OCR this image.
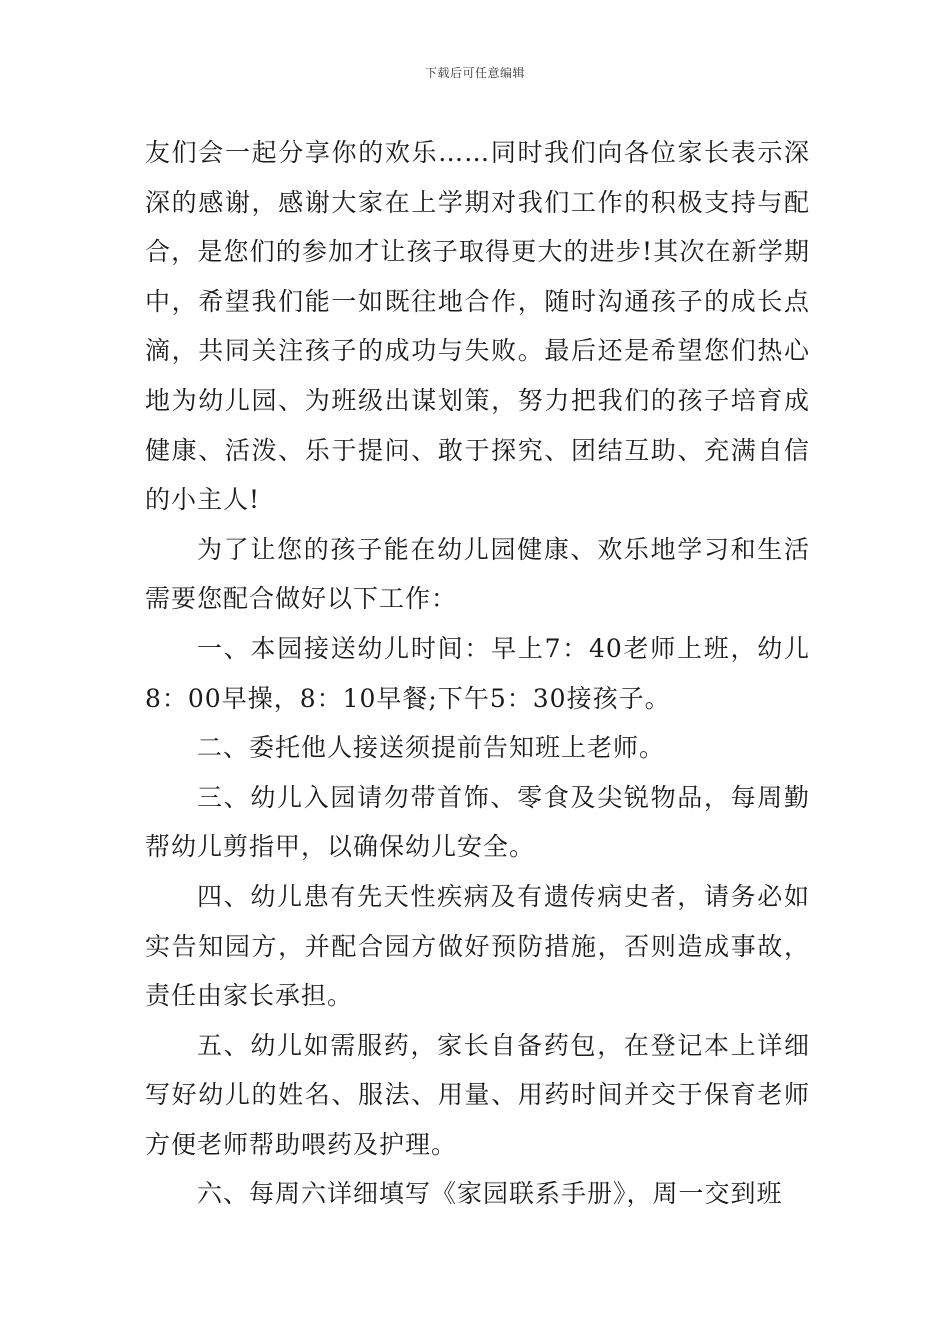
下载后可任意编辑

友们会一起分享你的欢乐……同时我们向各位家长表示深深的感谢，感谢大家在上学期对我们工作的积极支持与配合，是您们的参加才让孩子取得更大的进步!其次在新学期中，希望我们能一如既往地合作，随时沟通孩子的成长点滴，共同关注孩子的成功与失败。最后还是希望您们热心地为幼儿园、为班级出谋划策，努力把我们的孩子培育成健康、活泼、乐于提问、敢于探究、团结互助、充满自信的小主人!

为了让您的孩子能在幼儿园健康、欢乐地学习和生活需要您配合做好以下工作：

一、本园接送幼儿时间：早上7：40老师上班，幼儿8：00早操，8：10早餐;下午5：30接孩子。

二、委托他人接送须提前告知班上老师。

三、幼儿入园请勿带首饰、零食及尖锐物品，每周勤帮幼儿剪指甲，以确保幼儿安全。

四、幼儿患有先天性疾病及有遗传病史者，请务必如实告知园方，并配合园方做好预防措施，否则造成事故，责任由家长承担。

五、幼儿如需服药，家长自备药包，在登记本上详细写好幼儿的姓名、服法、用量、用药时间并交于保育老师方便老师帮助喂药及护理。

六、每周六详细填写《家园联系手册》，周一交到班
